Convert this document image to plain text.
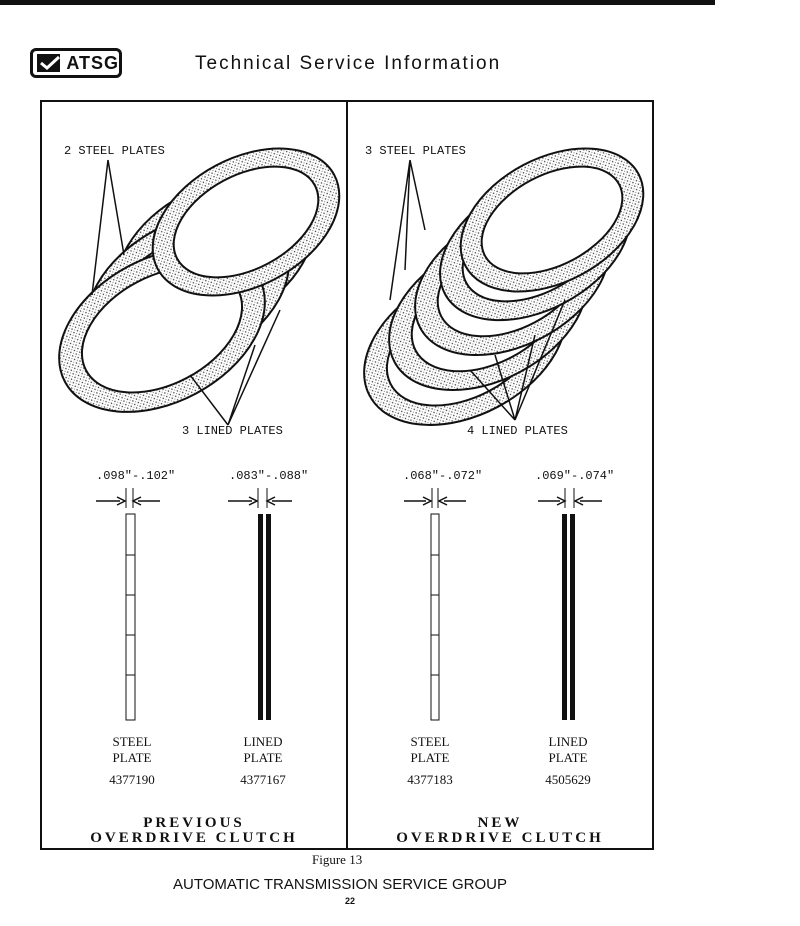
ATSG	Technical Service Information
2 STEEL PLATES
3 LINED PLATES
.098"-.102"	.083"-.088"
STEEL
PLATE
4377190
LINED
PLATE
4377167
PREVIOUS
OVERDRIVE CLUTCH
3 STEEL PLATES
4 LINED PLATES
.068"-.072"	.069"-.074"
STEEL
PLATE
4377183
LINED
PLATE
4505629
NEW
OVERDRIVE CLUTCH
Figure 13
AUTOMATIC TRANSMISSION SERVICE GROUP
22
